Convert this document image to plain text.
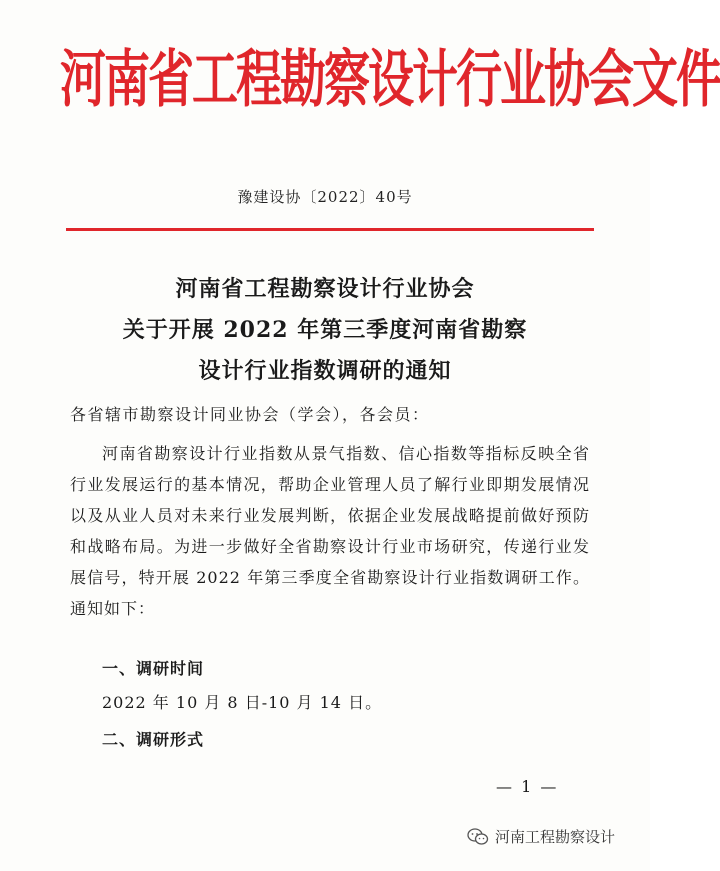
河南省工程勘察设计行业协会文件
豫建设协〔2022〕40号
河南省工程勘察设计行业协会
关于开展 2022 年第三季度河南省勘察
设计行业指数调研的通知
各省辖市勘察设计同业协会（学会），各会员：
河南省勘察设计行业指数从景气指数、信心指数等指标反映全省行业发展运行的基本情况，帮助企业管理人员了解行业即期发展情况以及从业人员对未来行业发展判断，依据企业发展战略提前做好预防和战略布局。为进一步做好全省勘察设计行业市场研究，传递行业发展信号，特开展 2022 年第三季度全省勘察设计行业指数调研工作。通知如下：
一、调研时间
2022 年 10 月 8 日-10 月 14 日。
二、调研形式
— 1 —
河南工程勘察设计
